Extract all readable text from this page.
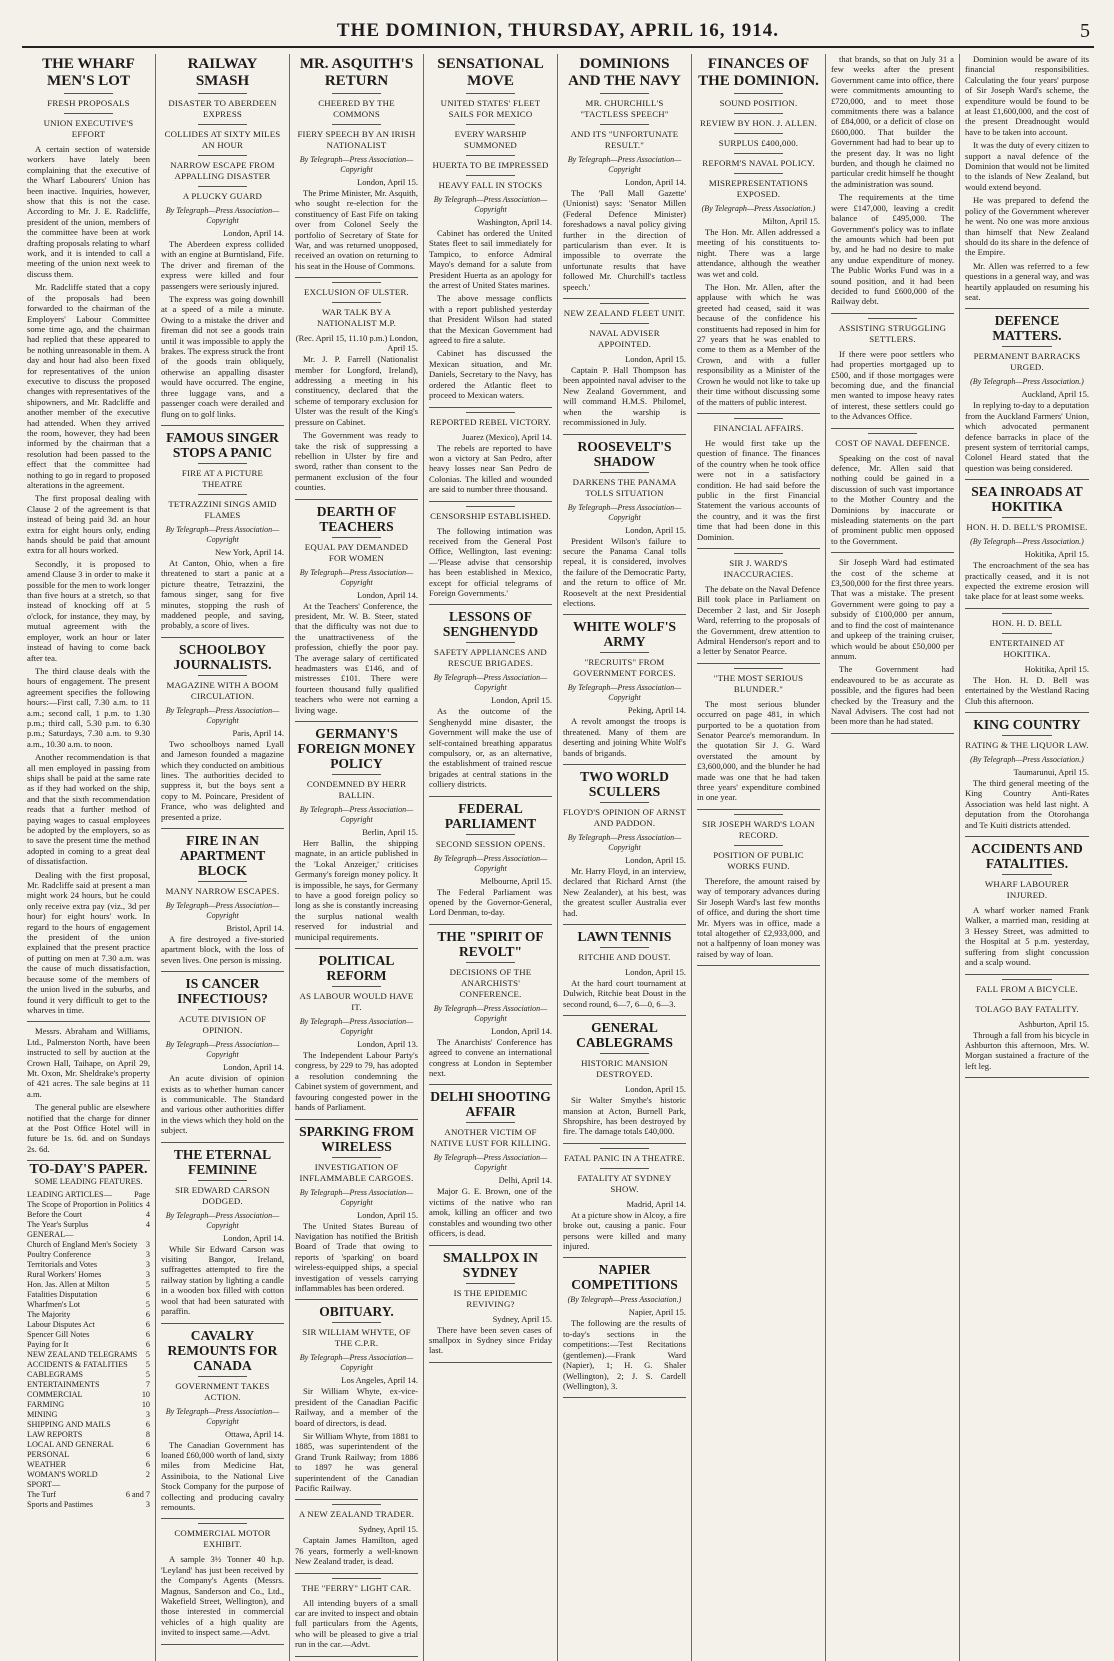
THE DOMINION, THURSDAY, APRIL 16, 1914.	5
THE WHARF MEN'S LOT
FRESH PROPOSALS
UNION EXECUTIVE'S EFFORT

A certain section of waterside workers have lately been complaining that the executive of the Wharf Labourers' Union has been inactive. Inquiries, however, show that this is not the case. According to Mr. J. E. Radcliffe, president of the union, members of the committee have been at work drafting proposals relating to wharf work, and it is intended to call a meeting of the union next week to discuss them.

Mr. Radcliffe stated that a copy of the proposals had been forwarded to the chairman of the Employers' Labour Committee some time ago, and the chairman had replied that these appeared to be nothing unreasonable in them. A day and hour had also been fixed for representatives of the union executive to discuss the proposed changes with representatives of the shipowners, and Mr. Radcliffe and another member of the executive had attended. When they arrived the room, however, they had been informed by the chairman that a resolution had been passed to the effect that the committee had nothing to go in regard to proposed alterations in the agreement.

The first proposal dealing with Clause 2 of the agreement is that instead of being paid 3d. an hour extra for eight hours only, ending hands should be paid that amount extra for all hours worked.

Secondly, it is proposed to amend Clause 3 in order to make it possible for the men to work longer than five hours at a stretch, so that instead of knocking off at 5 o'clock, for instance, they may, by mutual agreement with the employer, work an hour or later instead of having to come back after tea.

The third clause deals with the hours of engagement. The present agreement specifies the following hours:—First call, 7.30 a.m. to 11 a.m.; second call, 1 p.m. to 1.30 p.m.; third call, 5.30 p.m. to 6.30 p.m.; Saturdays, 7.30 a.m. to 9.30 a.m., 10.30 a.m. to noon.

Another recommendation is that all men employed in passing from ships shall be paid at the same rate as if they had worked on the ship, and that the sixth recommendation reads that a further method of paying wages to casual employees be adopted by the employers, so as to save the present time the method adopted in coming to a great deal of dissatisfaction.

Dealing with the first proposal, Mr. Radcliffe said at present a man might work 24 hours, but he could only receive extra pay (viz., 3d per hour) for eight hours' work. In regard to the hours of engagement the president of the union explained that the present practice of putting on men at 7.30 a.m. was the cause of much dissatisfaction, because some of the members of the union lived in the suburbs, and found it very difficult to get to the wharves in time.

Messrs. Abraham and Williams, Ltd., Palmerston North, have been instructed to sell by auction at the Crown Hall, Taihape, on April 29, Mt. Oxon, Mr. Sheldrake's property of 421 acres. The sale begins at 11 a.m.

The general public are elsewhere notified that the charge for dinner at the Post Office Hotel will in future be 1s. 6d. and on Sundays 2s. 6d.

TO-DAY'S PAPER.
SOME LEADING FEATURES.
LEADING ARTICLES—	Page
The Scope of Proportion in Politics 4
Before the Court	4
The Year's Surplus	4
GENERAL—
Church of England Men's Society 3
Poultry Conference	3
Territorials and Votes	3
Rural Workers' Homes	3
Hon. Jas. Allen at Milton	5
Fatalities Disputation	6
Wharfmen's Lot	5
The Majority	6
Labour Disputes Act	6
Spencer Gill Notes	6
Paying for It	6
NEW ZEALAND TELEGRAMS 5
ACCIDENTS & FATALITIES 5
CABLEGRAMS	5
ENTERTAINMENTS	7
COMMERCIAL	10
FARMING	10
MINING	3
SHIPPING AND MAILS	6
LAW REPORTS	8
LOCAL AND GENERAL	6
PERSONAL	6
WEATHER	6
WOMAN'S WORLD	2
SPORT—
The Turf	6 and 7
Sports and Pastimes	3
RAILWAY SMASH
DISASTER TO ABERDEEN EXPRESS
COLLIDES AT SIXTY MILES AN HOUR
NARROW ESCAPE FROM APPALLING DISASTER
A PLUCKY GUARD
By Telegraph—Press Association—Copyright
London, April 14.

The Aberdeen express collided with an engine at Burntisland, Fife. The driver and fireman of the express were killed and four passengers were seriously injured.

The express was going downhill at a speed of a mile a minute. Owing to a mistake the driver and fireman did not see a goods train until it was impossible to apply the brakes. The express struck the front of the goods train obliquely, otherwise an appalling disaster would have occurred. The engine, three luggage vans, and a passenger coach were derailed and flung on to golf links.

FAMOUS SINGER STOPS A PANIC
FIRE AT A PICTURE THEATRE
TETRAZZINI SINGS AMID FLAMES
By Telegraph—Press Association—Copyright
New York, April 14.

At Canton, Ohio, when a fire threatened to start a panic at a picture theatre, Tetrazzini, the famous singer, sang for five minutes, stopping the rush of maddened people, and saving, probably, a score of lives.

SCHOOLBOY JOURNALISTS.
MAGAZINE WITH A BOOM CIRCULATION.
By Telegraph—Press Association—Copyright
Paris, April 14.

Two schoolboys named Lyall and Jameson founded a magazine which they conducted on ambitious lines. The authorities decided to suppress it, but the boys sent a copy to M. Poincare, President of France, who was delighted and presented a prize.

FIRE IN AN APARTMENT BLOCK
MANY NARROW ESCAPES.
By Telegraph—Press Association—Copyright
Bristol, April 14.

A fire destroyed a five-storied apartment block, with the loss of seven lives. One person is missing.

IS CANCER INFECTIOUS?
ACUTE DIVISION OF OPINION.
By Telegraph—Press Association—Copyright
London, April 14.

An acute division of opinion exists as to whether human cancer is communicable. The Standard and various other authorities differ in the views which they hold on the subject.

THE ETERNAL FEMININE
SIR EDWARD CARSON DODGED.
By Telegraph—Press Association—Copyright
London, April 14.

While Sir Edward Carson was visiting Bangor, Ireland, suffragettes attempted to fire the railway station by lighting a candle in a wooden box filled with cotton wool that had been saturated with paraffin.

CAVALRY REMOUNTS FOR CANADA
GOVERNMENT TAKES ACTION.
By Telegraph—Press Association—Copyright
Ottawa, April 14.

The Canadian Government has loaned £60,000 worth of land, sixty miles from Medicine Hat, Assiniboia, to the National Live Stock Company for the purpose of collecting and producing cavalry remounts.

COMMERCIAL MOTOR EXHIBIT.

A sample 3½ Tonner 40 h.p. 'Leyland' has just been received by the Company's Agents (Messrs. Magnus, Sanderson and Co., Ltd., Wakefield Street, Wellington), and those interested in commercial vehicles of a high quality are invited to inspect same.—Advt.

MR. ASQUITH'S RETURN
CHEERED BY THE COMMONS
FIERY SPEECH BY AN IRISH NATIONALIST
By Telegraph—Press Association—Copyright
London, April 15.

The Prime Minister, Mr. Asquith, who sought re-election for the constituency of East Fife on taking over from Colonel Seely the portfolio of Secretary of State for War, and was returned unopposed, received an ovation on returning to his seat in the House of Commons.

EXCLUSION OF ULSTER.
WAR TALK BY A NATIONALIST M.P.
(Rec. April 15, 11.10 p.m.) London, April 15.

Mr. J. P. Farrell (Nationalist member for Longford, Ireland), addressing a meeting in his constituency, declared that the scheme of temporary exclusion for Ulster was the result of the King's pressure on Cabinet.

The Government was ready to take the risk of suppressing a rebellion in Ulster by fire and sword, rather than consent to the permanent exclusion of the four counties.

DEARTH OF TEACHERS
EQUAL PAY DEMANDED FOR WOMEN
By Telegraph—Press Association—Copyright
London, April 14.

At the Teachers' Conference, the president, Mr. W. B. Steer, stated that the difficulty was not due to the unattractiveness of the profession, chiefly the poor pay. The average salary of certificated headmasters was £146, and of mistresses £101. There were fourteen thousand fully qualified teachers who were not earning a living wage.

GERMANY'S FOREIGN MONEY POLICY
CONDEMNED BY HERR BALLIN.
By Telegraph—Press Association—Copyright
Berlin, April 15.

Herr Ballin, the shipping magnate, in an article published in the 'Lokal Anzeiger,' criticises Germany's foreign money policy. It is impossible, he says, for Germany to have a good foreign policy so long as she is constantly increasing the surplus national wealth reserved for industrial and municipal requirements.

POLITICAL REFORM
AS LABOUR WOULD HAVE IT.
By Telegraph—Press Association—Copyright
London, April 13.

The Independent Labour Party's congress, by 229 to 79, has adopted a resolution condemning the Cabinet system of government, and favouring congested power in the hands of Parliament.

SPARKING FROM WIRELESS
INVESTIGATION OF INFLAMMABLE CARGOES.
By Telegraph—Press Association—Copyright
London, April 15.

The United States Bureau of Navigation has notified the British Board of Trade that owing to reports of 'sparking' on board wireless-equipped ships, a special investigation of vessels carrying inflammables has been ordered.

OBITUARY.
SIR WILLIAM WHYTE, OF THE C.P.R.
By Telegraph—Press Association—Copyright
Los Angeles, April 14.

Sir William Whyte, ex-vice-president of the Canadian Pacific Railway, and a member of the board of directors, is dead.

Sir William Whyte, from 1881 to 1885, was superintendent of the Grand Trunk Railway; from 1886 to 1897 he was general superintendent of the Canadian Pacific Railway.

A NEW ZEALAND TRADER.
Sydney, April 15.

Captain James Hamilton, aged 76 years, formerly a well-known New Zealand trader, is dead.

THE "FERRY" LIGHT CAR.

All intending buyers of a small car are invited to inspect and obtain full particulars from the Agents, who will be pleased to give a trial run in the car.—Advt.

SENSATIONAL MOVE
UNITED STATES' FLEET SAILS FOR MEXICO
EVERY WARSHIP SUMMONED
HUERTA TO BE IMPRESSED
HEAVY FALL IN STOCKS
By Telegraph—Press Association—Copyright
Washington, April 14.

Cabinet has ordered the United States fleet to sail immediately for Tampico, to enforce Admiral Mayo's demand for a salute from President Huerta as an apology for the arrest of United States marines.

The above message conflicts with a report published yesterday that President Wilson had stated that the Mexican Government had agreed to fire a salute.

Cabinet has discussed the Mexican situation, and Mr. Daniels, Secretary to the Navy, has ordered the Atlantic fleet to proceed to Mexican waters.

REPORTED REBEL VICTORY.
Juarez (Mexico), April 14.

The rebels are reported to have won a victory at San Pedro, after heavy losses near San Pedro de Colonias. The killed and wounded are said to number three thousand.

CENSORSHIP ESTABLISHED.

The following intimation was received from the General Post Office, Wellington, last evening:—'Please advise that censorship has been established in Mexico, except for official telegrams of Foreign Governments.'

LESSONS OF SENGHENYDD
SAFETY APPLIANCES AND RESCUE BRIGADES.
By Telegraph—Press Association—Copyright
London, April 15.

As the outcome of the Senghenydd mine disaster, the Government will make the use of self-contained breathing apparatus compulsory, or, as an alternative, the establishment of trained rescue brigades at central stations in the colliery districts.

FEDERAL PARLIAMENT
SECOND SESSION OPENS.
By Telegraph—Press Association—Copyright
Melbourne, April 15.

The Federal Parliament was opened by the Governor-General, Lord Denman, to-day.

THE "SPIRIT OF REVOLT"
DECISIONS OF THE ANARCHISTS' CONFERENCE.
By Telegraph—Press Association—Copyright
London, April 14.

The Anarchists' Conference has agreed to convene an international congress at London in September next.

DELHI SHOOTING AFFAIR
ANOTHER VICTIM OF NATIVE LUST FOR KILLING.
By Telegraph—Press Association—Copyright
Delhi, April 14.

Major G. E. Brown, one of the victims of the native who ran amok, killing an officer and two constables and wounding two other officers, is dead.

SMALLPOX IN SYDNEY
IS THE EPIDEMIC REVIVING?
Sydney, April 15.

There have been seven cases of smallpox in Sydney since Friday last.

DOMINIONS AND THE NAVY
MR. CHURCHILL'S "TACTLESS SPEECH"
AND ITS "UNFORTUNATE RESULT."
By Telegraph—Press Association—Copyright
London, April 14.

The 'Pall Mall Gazette' (Unionist) says: 'Senator Millen (Federal Defence Minister) foreshadows a naval policy giving further in the direction of particularism than ever. It is impossible to overrate the unfortunate results that have followed Mr. Churchill's tactless speech.'

NEW ZEALAND FLEET UNIT.
NAVAL ADVISER APPOINTED.
London, April 15.

Captain P. Hall Thompson has been appointed naval adviser to the New Zealand Government, and will command H.M.S. Philomel, when the warship is recommissioned in July.

ROOSEVELT'S SHADOW
DARKENS THE PANAMA TOLLS SITUATION
By Telegraph—Press Association—Copyright
London, April 15.

President Wilson's failure to secure the Panama Canal tolls repeal, it is considered, involves the failure of the Democratic Party, and the return to office of Mr. Roosevelt at the next Presidential elections.

WHITE WOLF'S ARMY
"RECRUITS" FROM GOVERNMENT FORCES.
By Telegraph—Press Association—Copyright
Peking, April 14.

A revolt amongst the troops is threatened. Many of them are deserting and joining White Wolf's bands of brigands.

TWO WORLD SCULLERS
FLOYD'S OPINION OF ARNST AND PADDON.
By Telegraph—Press Association—Copyright
London, April 15.

Mr. Harry Floyd, in an interview, declared that Richard Arnst (the New Zealander), at his best, was the greatest sculler Australia ever had.

LAWN TENNIS
RITCHIE AND DOUST.
London, April 15.

At the hard court tournament at Dulwich, Ritchie beat Doust in the second round, 6—7, 6—0, 6—3.

GENERAL CABLEGRAMS
HISTORIC MANSION DESTROYED.
London, April 15.

Sir Walter Smythe's historic mansion at Acton, Burnell Park, Shropshire, has been destroyed by fire. The damage totals £40,000.

FATAL PANIC IN A THEATRE.
FATALITY AT SYDNEY SHOW.
Madrid, April 14.

At a picture show in Alcoy, a fire broke out, causing a panic. Four persons were killed and many injured.

NAPIER COMPETITIONS
(By Telegraph—Press Association.)
Napier, April 15.

The following are the results of to-day's sections in the competitions:—Test Recitations (gentlemen).—Frank Ward (Napier), 1; H. G. Shaler (Wellington), 2; J. S. Cardell (Wellington), 3.

FINANCES OF THE DOMINION.
SOUND POSITION.
REVIEW BY HON. J. ALLEN.
SURPLUS £400,000.
REFORM'S NAVAL POLICY.
MISREPRESENTATIONS EXPOSED.
(By Telegraph—Press Association.)
Milton, April 15.

The Hon. Mr. Allen addressed a meeting of his constituents to-night. There was a large attendance, although the weather was wet and cold.

The Hon. Mr. Allen, after the applause with which he was greeted had ceased, said it was because of the confidence his constituents had reposed in him for 27 years that he was enabled to come to them as a Member of the Crown, and with a fuller responsibility as a Minister of the Crown he would not like to take up their time without discussing some of the matters of public interest.

FINANCIAL AFFAIRS.

He would first take up the question of finance. The finances of the country when he took office were not in a satisfactory condition. He had said before the public in the first Financial Statement the various accounts of the country, and it was the first time that had been done in this Dominion.

SIR J. WARD'S INACCURACIES.

The debate on the Naval Defence Bill took place in Parliament on December 2 last, and Sir Joseph Ward, referring to the proposals of the Government, drew attention to Admiral Henderson's report and to a letter by Senator Pearce.

"THE MOST SERIOUS BLUNDER."

The most serious blunder occurred on page 481, in which purported to be a quotation from Senator Pearce's memorandum. In the quotation Sir J. G. Ward overstated the amount by £3,600,000, and the blunder he had made was one that he had taken three years' expenditure combined in one year.

SIR JOSEPH WARD'S LOAN RECORD.
POSITION OF PUBLIC WORKS FUND.

Therefore, the amount raised by way of temporary advances during Sir Joseph Ward's last few months of office, and during the short time Mr. Myers was in office, made a total altogether of £2,933,000, and not a halfpenny of loan money was raised by way of loan.

that brands, so that on July 31 a few weeks after the present Government came into office, there were commitments amounting to £720,000, and to meet those commitments there was a balance of £84,000, or a deficit of close on £600,000. That builder the Government had had to bear up to the present day. It was no light burden, and though he claimed no particular credit himself he thought the administration was sound.

The requirements at the time were £147,000, leaving a credit balance of £495,000. The Government's policy was to inflate the amounts which had been put by, and he had no desire to make any undue expenditure of money. The Public Works Fund was in a sound position, and it had been decided to fund £600,000 of the Railway debt.

ASSISTING STRUGGLING SETTLERS.

If there were poor settlers who had properties mortgaged up to £500, and if those mortgages were becoming due, and the financial men wanted to impose heavy rates of interest, these settlers could go to the Advances Office.

COST OF NAVAL DEFENCE.

Speaking on the cost of naval defence, Mr. Allen said that nothing could be gained in a discussion of such vast importance to the Mother Country and the Dominions by inaccurate or misleading statements on the part of prominent public men opposed to the Government.

Sir Joseph Ward had estimated the cost of the scheme at £3,500,000 for the first three years. That was a mistake. The present Government were going to pay a subsidy of £100,000 per annum, and to find the cost of maintenance and upkeep of the training cruiser, which would be about £50,000 per annum.

The Government had endeavoured to be as accurate as possible, and the figures had been checked by the Treasury and the Naval Advisers. The cost had not been more than he had stated.

Dominion would be aware of its financial responsibilities. Calculating the four years' purpose of Sir Joseph Ward's scheme, the expenditure would be found to be at least £1,600,000, and the cost of the present Dreadnought would have to be taken into account.

It was the duty of every citizen to support a naval defence of the Dominion that would not be limited to the islands of New Zealand, but would extend beyond.

He was prepared to defend the policy of the Government wherever he went. No one was more anxious than himself that New Zealand should do its share in the defence of the Empire.

Mr. Allen was referred to a few questions in a general way, and was heartily applauded on resuming his seat.

DEFENCE MATTERS.
PERMANENT BARRACKS URGED.
(By Telegraph—Press Association.)
Auckland, April 15.

In replying to-day to a deputation from the Auckland Farmers' Union, which advocated permanent defence barracks in place of the present system of territorial camps, Colonel Heard stated that the question was being considered.

SEA INROADS AT HOKITIKA
HON. H. D. BELL'S PROMISE.
(By Telegraph—Press Association.)
Hokitika, April 15.

The encroachment of the sea has practically ceased, and it is not expected the extreme erosion will take place for at least some weeks.

HON. H. D. BELL
ENTERTAINED AT HOKITIKA.
Hokitika, April 15.

The Hon. H. D. Bell was entertained by the Westland Racing Club this afternoon.

KING COUNTRY
RATING & THE LIQUOR LAW.
(By Telegraph—Press Association.)
Taumarunui, April 15.

The third general meeting of the King Country Anti-Rates Association was held last night. A deputation from the Otorohanga and Te Kuiti districts attended.

ACCIDENTS AND FATALITIES.
WHARF LABOURER INJURED.

A wharf worker named Frank Walker, a married man, residing at 3 Hessey Street, was admitted to the Hospital at 5 p.m. yesterday, suffering from slight concussion and a scalp wound.

FALL FROM A BICYCLE.
TOLAGO BAY FATALITY.
Ashburton, April 15.

Through a fall from his bicycle in Ashburton this afternoon, Mrs. W. Morgan sustained a fracture of the left leg.
